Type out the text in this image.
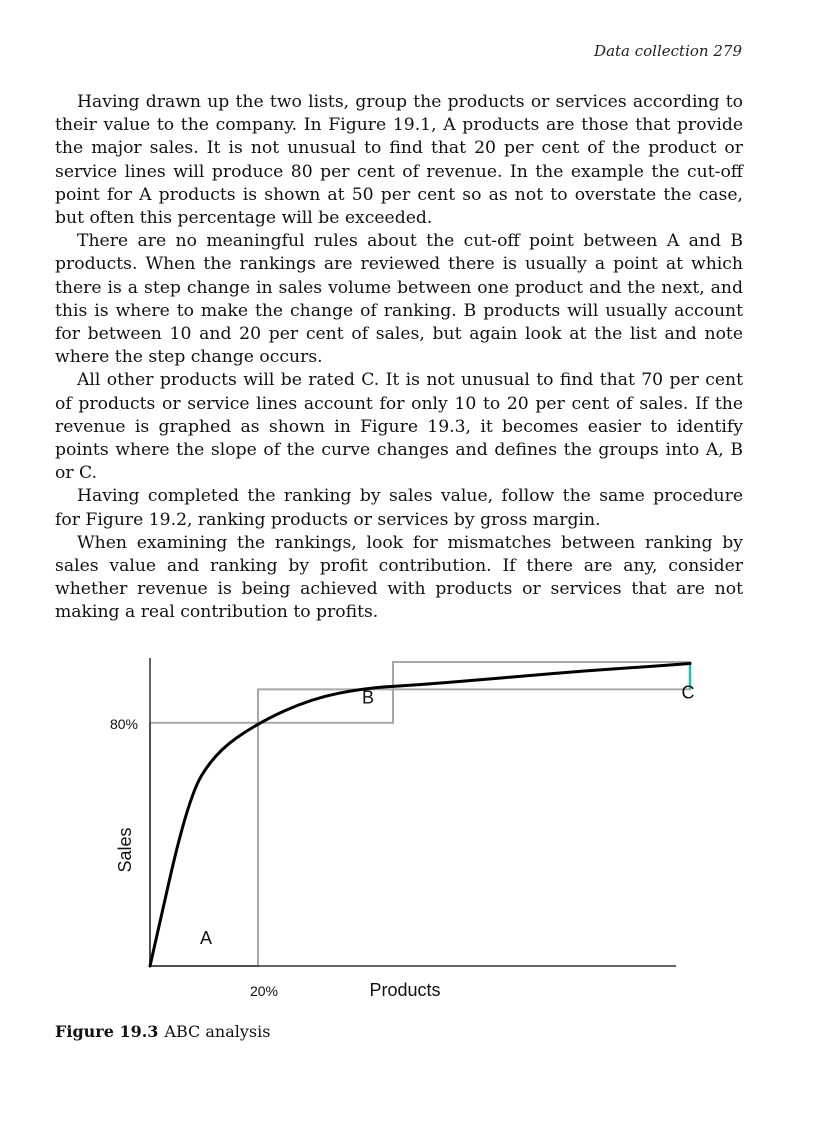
Data collection 279

Having drawn up the two lists, group the products or services according to their value to the company. In Figure 19.1, A products are those that provide the major sales. It is not unusual to find that 20 per cent of the product or service lines will produce 80 per cent of revenue. In the example the cut-off point for A products is shown at 50 per cent so as not to overstate the case, but often this percentage will be exceeded.

There are no meaningful rules about the cut-off point between A and B products. When the rankings are reviewed there is usually a point at which there is a step change in sales volume between one product and the next, and this is where to make the change of ranking. B products will usually account for between 10 and 20 per cent of sales, but again look at the list and note where the step change occurs.

All other products will be rated C. It is not unusual to find that 70 per cent of products or service lines account for only 10 to 20 per cent of sales. If the revenue is graphed as shown in Figure 19.3, it becomes easier to identify points where the slope of the curve changes and defines the groups into A, B or C.

Having completed the ranking by sales value, follow the same procedure for Figure 19.2, ranking products or services by gross margin.

When examining the rankings, look for mismatches between ranking by sales value and ranking by profit contribution. If there are any, consider whether revenue is being achieved with products or services that are not making a real contribution to profits.

80%
20%	Products
Sales
A
B	C
Figure 19.3 ABC analysis
